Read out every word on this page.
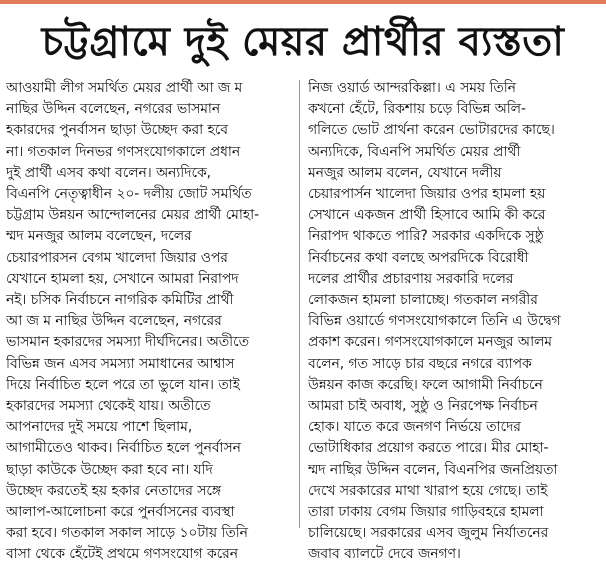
চট্টগ্রামে দুই মেয়র প্রার্থীর ব্যস্ততা
আওয়ামী লীগ সমর্থিত মেয়র প্রার্থী আ জ ম
নাছির উদ্দিন বলেছেন, নগরের ভাসমান
হকারদের পুনর্বাসন ছাড়া উচ্ছেদ করা হবে
না। গতকাল দিনভর গণসংযোগকালে প্রধান
দুই প্রার্থী এসব কথা বলেন। অন্যদিকে,
বিএনপি নেতৃত্বাধীন ২০- দলীয় জোট সমর্থিত
চট্টগ্রাম উন্নয়ন আন্দোলনের মেয়র প্রার্থী মোহা-
ম্মদ মনজুর আলম বলেছেন, দলের
চেয়ারপারসন বেগম খালেদা জিয়ার ওপর
যেখানে হামলা হয়, সেখানে আমরা নিরাপদ
নই। চসিক নির্বাচনে নাগরিক কমিটির প্রার্থী
আ জ ম নাছির উদ্দিন বলেছেন, নগরের
ভাসমান হকারদের সমস্যা দীর্ঘদিনের। অতীতে
বিভিন্ন জন এসব সমস্যা সমাধানের আশ্বাস
দিয়ে নির্বাচিত হলে পরে তা ভুলে যান। তাই
হকারদের সমস্যা থেকেই যায়। অতীতে
আপনাদের দুই সময়ে পাশে ছিলাম,
আগামীতেও থাকব। নির্বাচিত হলে পুনর্বাসন
ছাড়া কাউকে উচ্ছেদ করা হবে না। যদি
উচ্ছেদ করতেই হয় হকার নেতাদের সঙ্গে
আলাপ-আলোচনা করে পুনর্বাসনের ব্যবস্থা
করা হবে। গতকাল সকাল সাড়ে ১০টায় তিনি
বাসা থেকে হেঁটেই প্রথমে গণসংযোগ করেন
নিজ ওয়ার্ড আন্দরকিল্লা। এ সময় তিনি
কখনো হেঁটে, রিকশায় চড়ে বিভিন্ন অলি-
গলিতে ভোট প্রার্থনা করেন ভোটারদের কাছে।
অন্যদিকে, বিএনপি সমর্থিত মেয়র প্রার্থী
মনজুর আলম বলেন, যেখানে দলীয়
চেয়ারপার্সন খালেদা জিয়ার ওপর হামলা হয়
সেখানে একজন প্রার্থী হিসাবে আমি কী করে
নিরাপদ থাকতে পারি? সরকার একদিকে সুষ্ঠু
নির্বাচনের কথা বলছে অপরদিকে বিরোধী
দলের প্রার্থীর প্রচারণায় সরকারি দলের
লোকজন হামলা চালাচ্ছে। গতকাল নগরীর
বিভিন্ন ওয়ার্ডে গণসংযোগকালে তিনি এ উদ্বেগ
প্রকাশ করেন। গণসংযোগকালে মনজুর আলম
বলেন, গত সাড়ে চার বছরে নগরে ব্যাপক
উন্নয়ন কাজ করেছি। ফলে আগামী নির্বাচনে
আমরা চাই অবাধ, সুষ্ঠু ও নিরপেক্ষ নির্বাচন
হোক। যাতে করে জনগণ নির্ভয়ে তাদের
ভোটাধিকার প্রয়োগ করতে পারে। মীর মোহা-
ম্মদ নাছির উদ্দিন বলেন, বিএনপির জনপ্রিয়তা
দেখে সরকারের মাথা খারাপ হয়ে গেছে। তাই
তারা ঢাকায় বেগম জিয়ার গাড়িবহরে হামলা
চালিয়েছে। সরকারের এসব জুলুম নির্যাতনের
জবাব ব্যালটে দেবে জনগণ।
